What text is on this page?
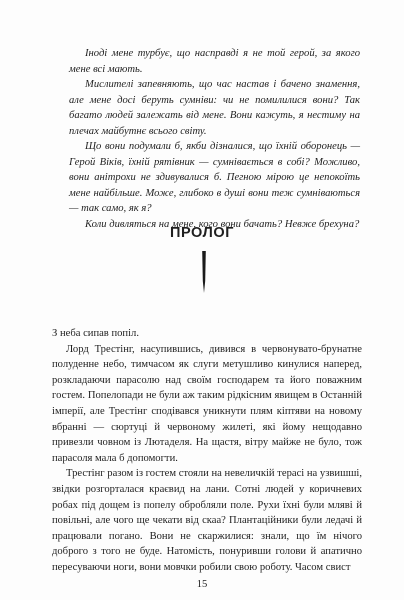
Іноді мене турбує, що насправді я не той герой, за якого мене всі мають.

Мислителі запевняють, що час настав і бачено знамення, але мене досі беруть сумніви: чи не помилилися вони? Так багато людей залежать від мене. Вони кажуть, я нестиму на плечах майбутнє всього світу.

Що вони подумали б, якби дізналися, що їхній оборонець — Герой Віків, їхній рятівник — сумнівається в собі? Можливо, вони анітрохи не здивувалися б. Пегною мірою це непокоїть мене найбільше. Може, глибоко в душі вони теж сумніваються — так само, як я?

Коли дивляться на мене, кого вони бачать? Невже брехуна?

ПРОЛОГ

З неба сипав попіл.

Лорд Трестінг, насупившись, дивився в червонувато-брунатне полуденне небо, тимчасом як слуги метушливо кинулися наперед, розкладаючи парасолю над своїм господарем та його поважним гостем. Попелопади не були аж таким рідкісним явищем в Останній імперії, але Трестінг сподівався уникнути плям кіптяви на новому вбранні — сюртуці й червоному жилеті, які йому нещодавно привезли човном із Лютаделя. На щастя, вітру майже не було, тож парасоля мала б допомогти.

Трестінг разом із гостем стояли на невеличкій терасі на узвишші, звідки розгорталася краєвид на лани. Сотні людей у коричневих робах під дощем із попелу обробляли поле. Рухи їхні були мляві й повільні, але чого ще чекати від скаа? Плантаційники були ледачі й працювали погано. Вони не скаржилися: знали, що їм нічого доброго з того не буде. Натомість, понуривши голови й апатично пересуваючи ноги, вони мовчки робили свою роботу. Часом свист

15
